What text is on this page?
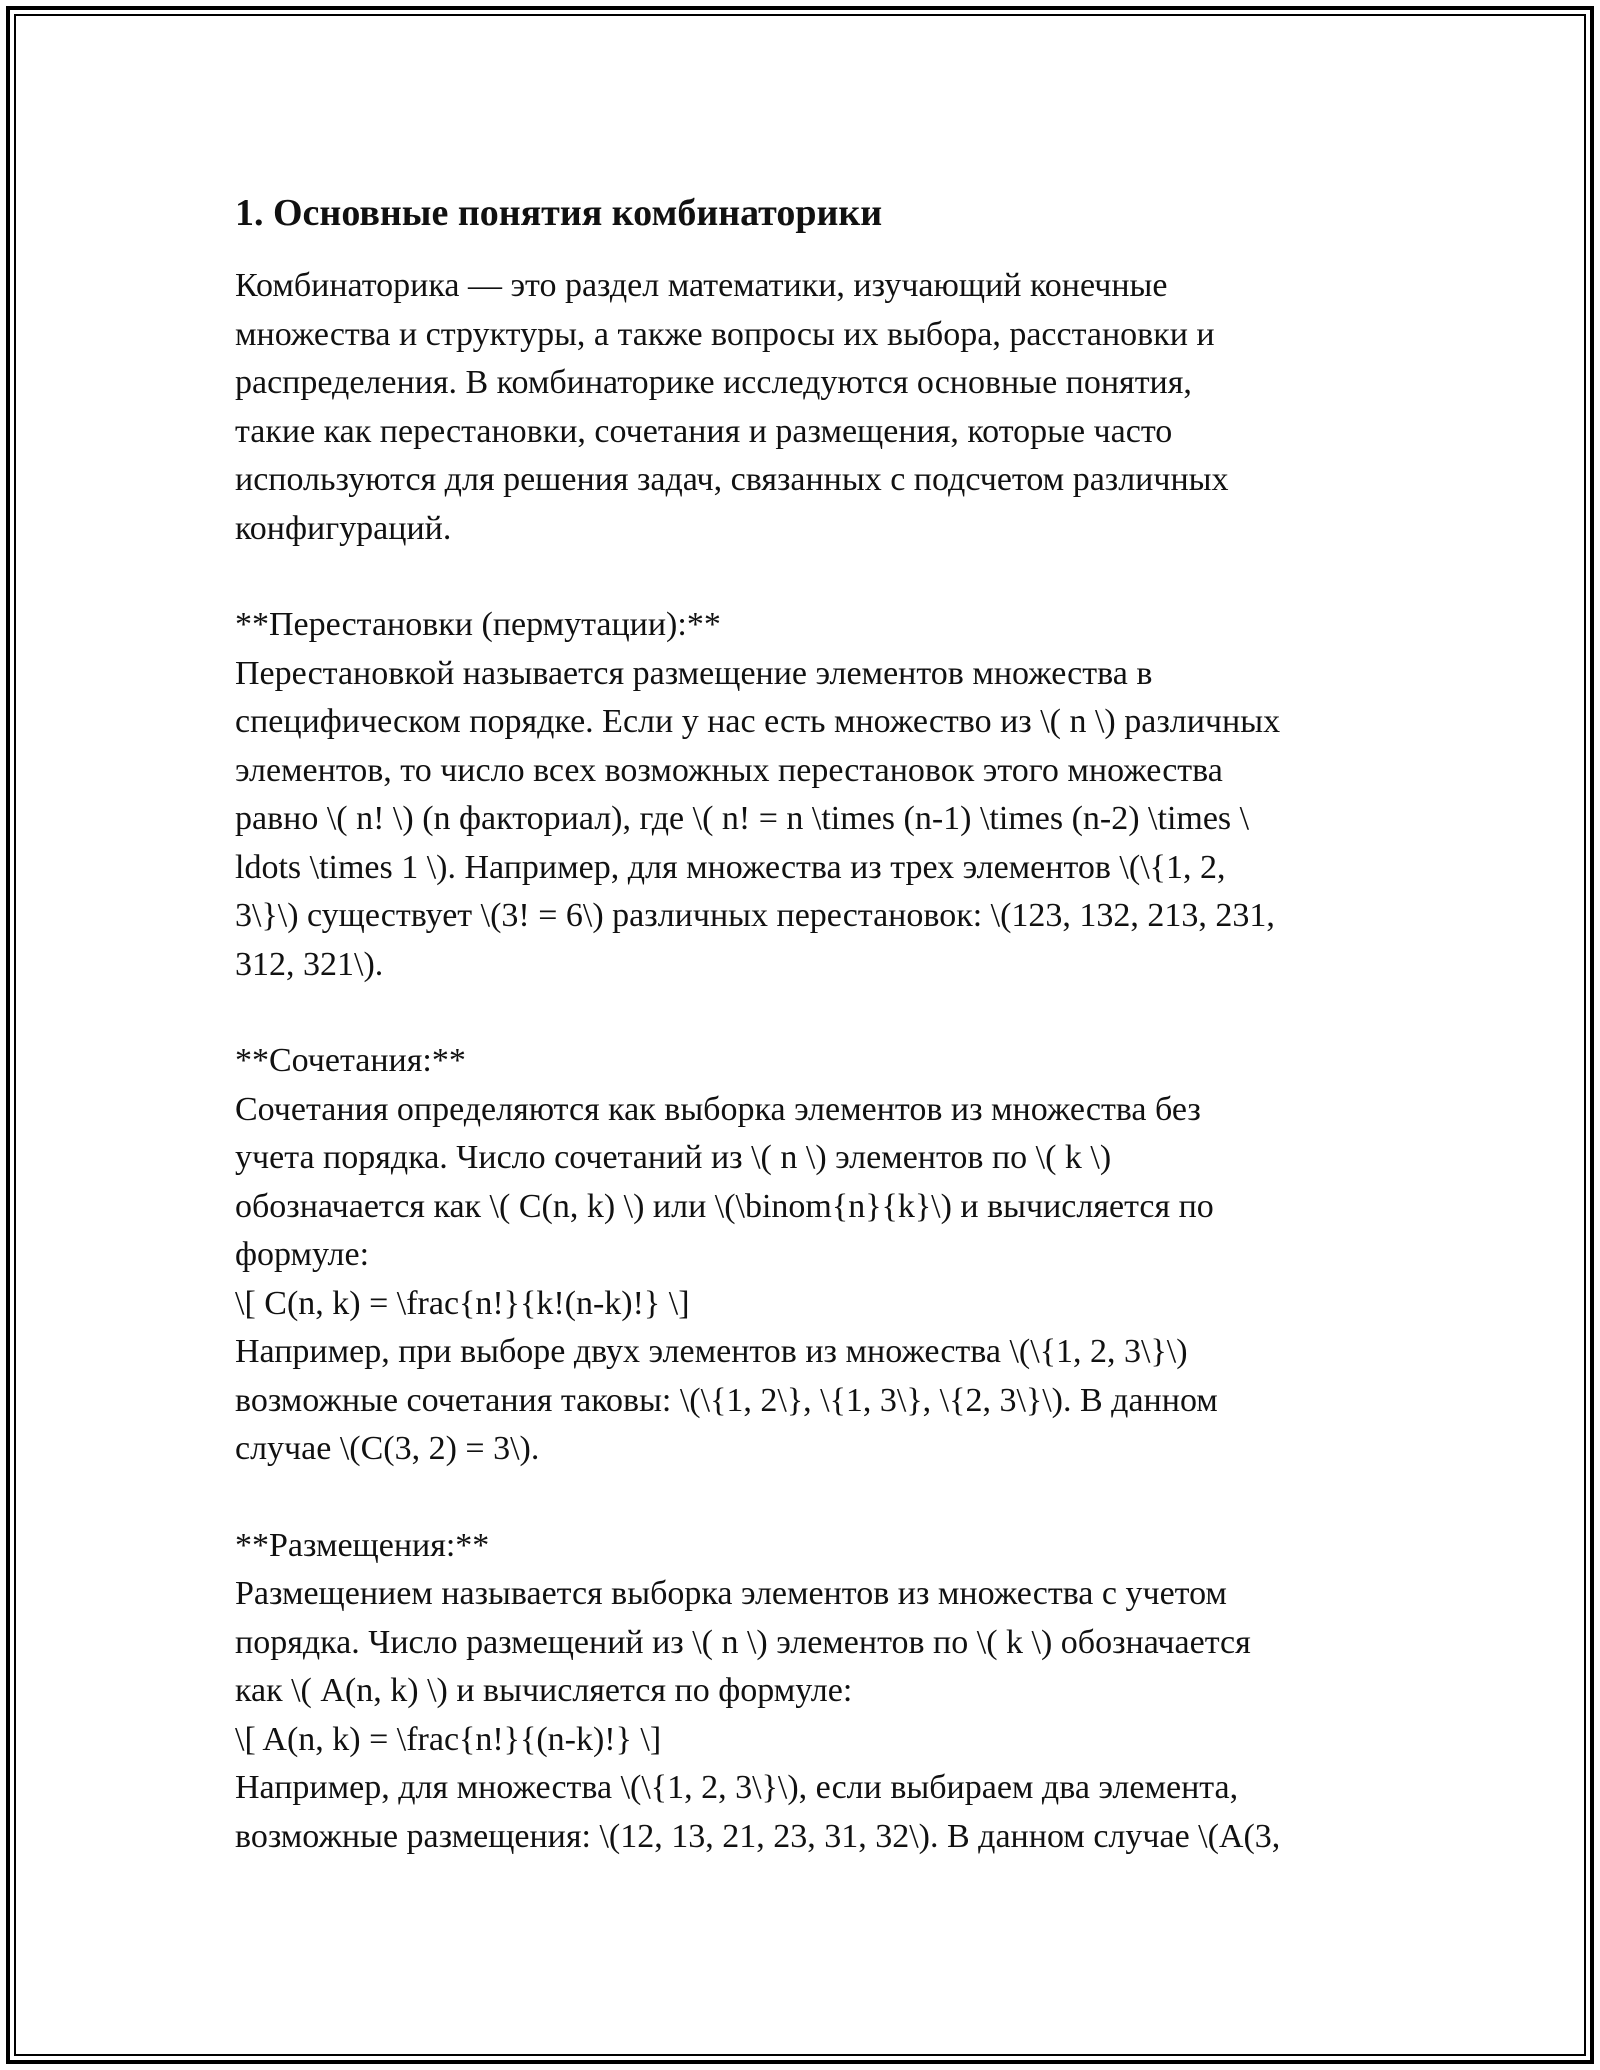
1. Основные понятия комбинаторики
Комбинаторика — это раздел математики, изучающий конечные
множества и структуры, а также вопросы их выбора, расстановки и
распределения. В комбинаторике исследуются основные понятия,
такие как перестановки, сочетания и размещения, которые часто
используются для решения задач, связанных с подсчетом различных
конфигураций.
**Перестановки (пермутации):**
Перестановкой называется размещение элементов множества в
специфическом порядке. Если у нас есть множество из \( n \) различных
элементов, то число всех возможных перестановок этого множества
равно \( n! \) (n факториал), где \( n! = n \times (n-1) \times (n-2) \times \
ldots \times 1 \). Например, для множества из трех элементов \(\{1, 2,
3\}\) существует \(3! = 6\) различных перестановок: \(123, 132, 213, 231,
312, 321\).
**Сочетания:**
Сочетания определяются как выборка элементов из множества без
учета порядка. Число сочетаний из \( n \) элементов по \( k \)
обозначается как \( C(n, k) \) или \(\binom{n}{k}\) и вычисляется по
формуле:
\[ C(n, k) = \frac{n!}{k!(n-k)!} \]
Например, при выборе двух элементов из множества \(\{1, 2, 3\}\)
возможные сочетания таковы: \(\{1, 2\}, \{1, 3\}, \{2, 3\}\). В данном
случае \(C(3, 2) = 3\).
**Размещения:**
Размещением называется выборка элементов из множества с учетом
порядка. Число размещений из \( n \) элементов по \( k \) обозначается
как \( A(n, k) \) и вычисляется по формуле:
\[ A(n, k) = \frac{n!}{(n-k)!} \]
Например, для множества \(\{1, 2, 3\}\), если выбираем два элемента,
возможные размещения: \(12, 13, 21, 23, 31, 32\). В данном случае \(A(3,
